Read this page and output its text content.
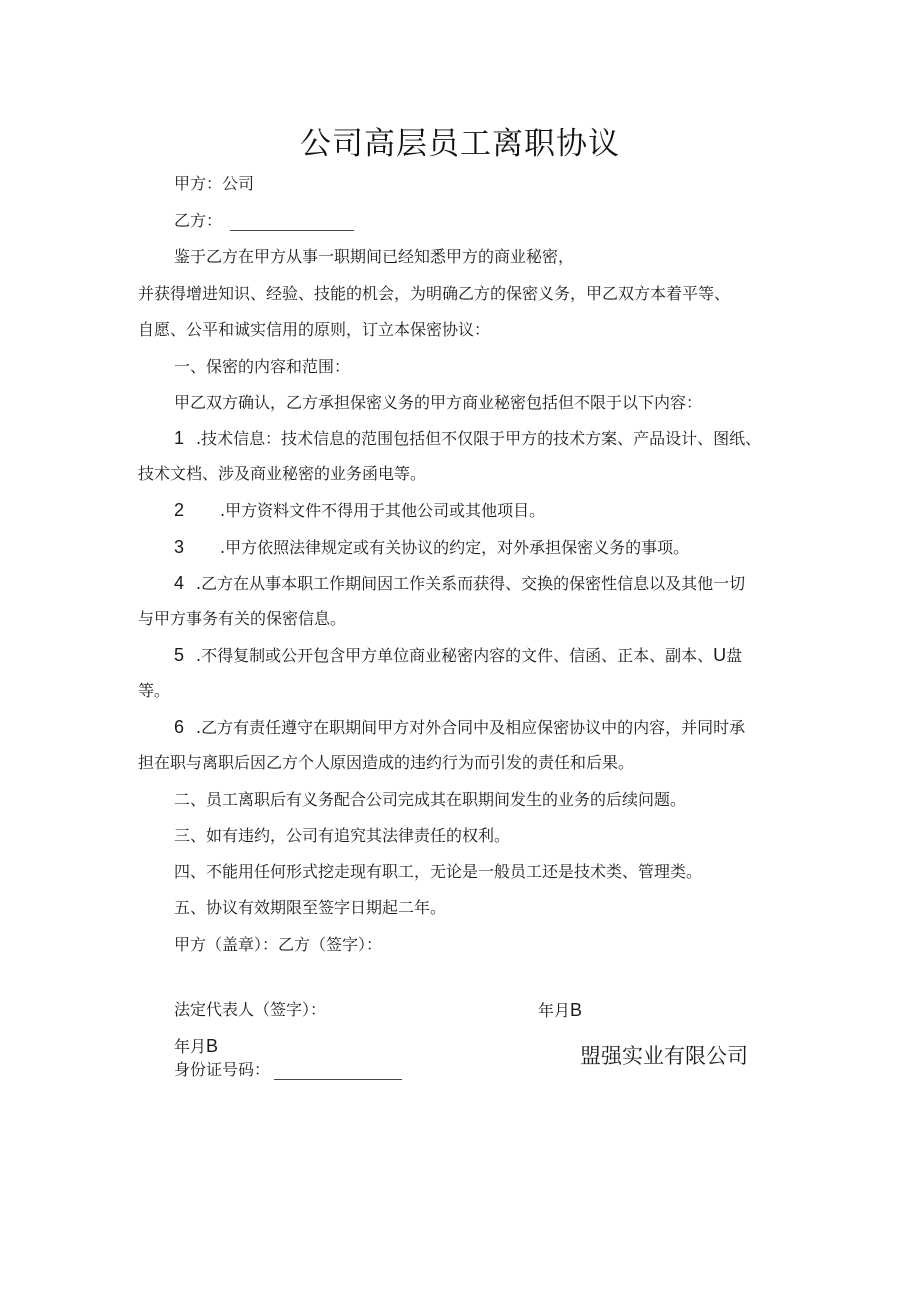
公司高层员工离职协议
甲方：公司
乙方：
鉴于乙方在甲方从事一职期间已经知悉甲方的商业秘密，
并获得增进知识、经验、技能的机会，为明确乙方的保密义务，甲乙双方本着平等、
自愿、公平和诚实信用的原则，订立本保密协议：
一、保密的内容和范围：
甲乙双方确认，乙方承担保密义务的甲方商业秘密包括但不限于以下内容：
1 .技术信息：技术信息的范围包括但不仅限于甲方的技术方案、产品设计、图纸、
技术文档、涉及商业秘密的业务函电等。
2 .甲方资料文件不得用于其他公司或其他项目。
3 .甲方依照法律规定或有关协议的约定，对外承担保密义务的事项。
4 .乙方在从事本职工作期间因工作关系而获得、交换的保密性信息以及其他一切
与甲方事务有关的保密信息。
5 .不得复制或公开包含甲方单位商业秘密内容的文件、信函、正本、副本、U盘
等。
6 .乙方有责任遵守在职期间甲方对外合同中及相应保密协议中的内容，并同时承
担在职与离职后因乙方个人原因造成的违约行为而引发的责任和后果。
二、员工离职后有义务配合公司完成其在职期间发生的业务的后续问题。
三、如有违约，公司有追究其法律责任的权利。
四、不能用任何形式挖走现有职工，无论是一般员工还是技术类、管理类。
五、协议有效期限至签字日期起二年。
甲方（盖章）：乙方（签字）：
法定代表人（签字）：	年月B
年月B
身份证号码：
盟强实业有限公司
